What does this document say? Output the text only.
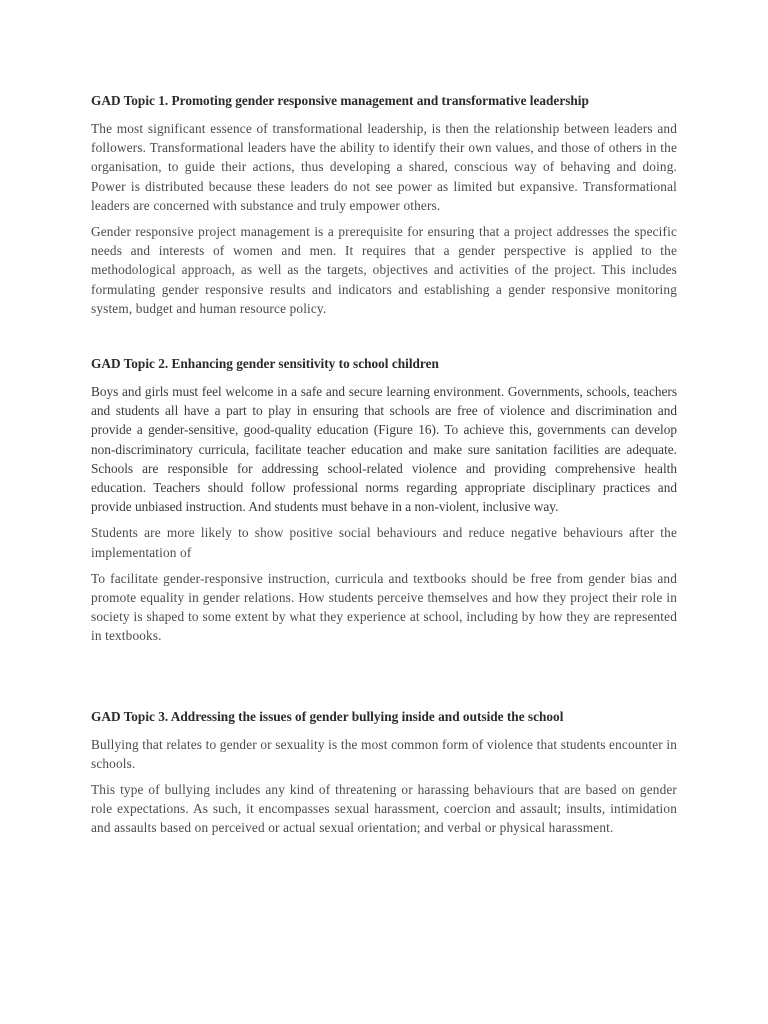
GAD Topic 1. Promoting gender responsive management and transformative leadership

The most significant essence of transformational leadership, is then the relationship between leaders and followers. Transformational leaders have the ability to identify their own values, and those of others in the organisation, to guide their actions, thus developing a shared, conscious way of behaving and doing. Power is distributed because these leaders do not see power as limited but expansive. Transformational leaders are concerned with substance and truly empower others.

Gender responsive project management is a prerequisite for ensuring that a project addresses the specific needs and interests of women and men. It requires that a gender perspective is applied to the methodological approach, as well as the targets, objectives and activities of the project. This includes formulating gender responsive results and indicators and establishing a gender responsive monitoring system, budget and human resource policy.

GAD Topic 2. Enhancing gender sensitivity to school children

Boys and girls must feel welcome in a safe and secure learning environment. Governments, schools, teachers and students all have a part to play in ensuring that schools are free of violence and discrimination and provide a gender-sensitive, good-quality education (Figure 16). To achieve this, governments can develop non-discriminatory curricula, facilitate teacher education and make sure sanitation facilities are adequate. Schools are responsible for addressing school-related violence and providing comprehensive health education. Teachers should follow professional norms regarding appropriate disciplinary practices and provide unbiased instruction. And students must behave in a non-violent, inclusive way.

Students are more likely to show positive social behaviours and reduce negative behaviours after the implementation of

To facilitate gender-responsive instruction, curricula and textbooks should be free from gender bias and promote equality in gender relations. How students perceive themselves and how they project their role in society is shaped to some extent by what they experience at school, including by how they are represented in textbooks.

GAD Topic 3. Addressing the issues of gender bullying inside and outside the school

Bullying that relates to gender or sexuality is the most common form of violence that students encounter in schools.

This type of bullying includes any kind of threatening or harassing behaviours that are based on gender role expectations. As such, it encompasses sexual harassment, coercion and assault; insults, intimidation and assaults based on perceived or actual sexual orientation; and verbal or physical harassment.
